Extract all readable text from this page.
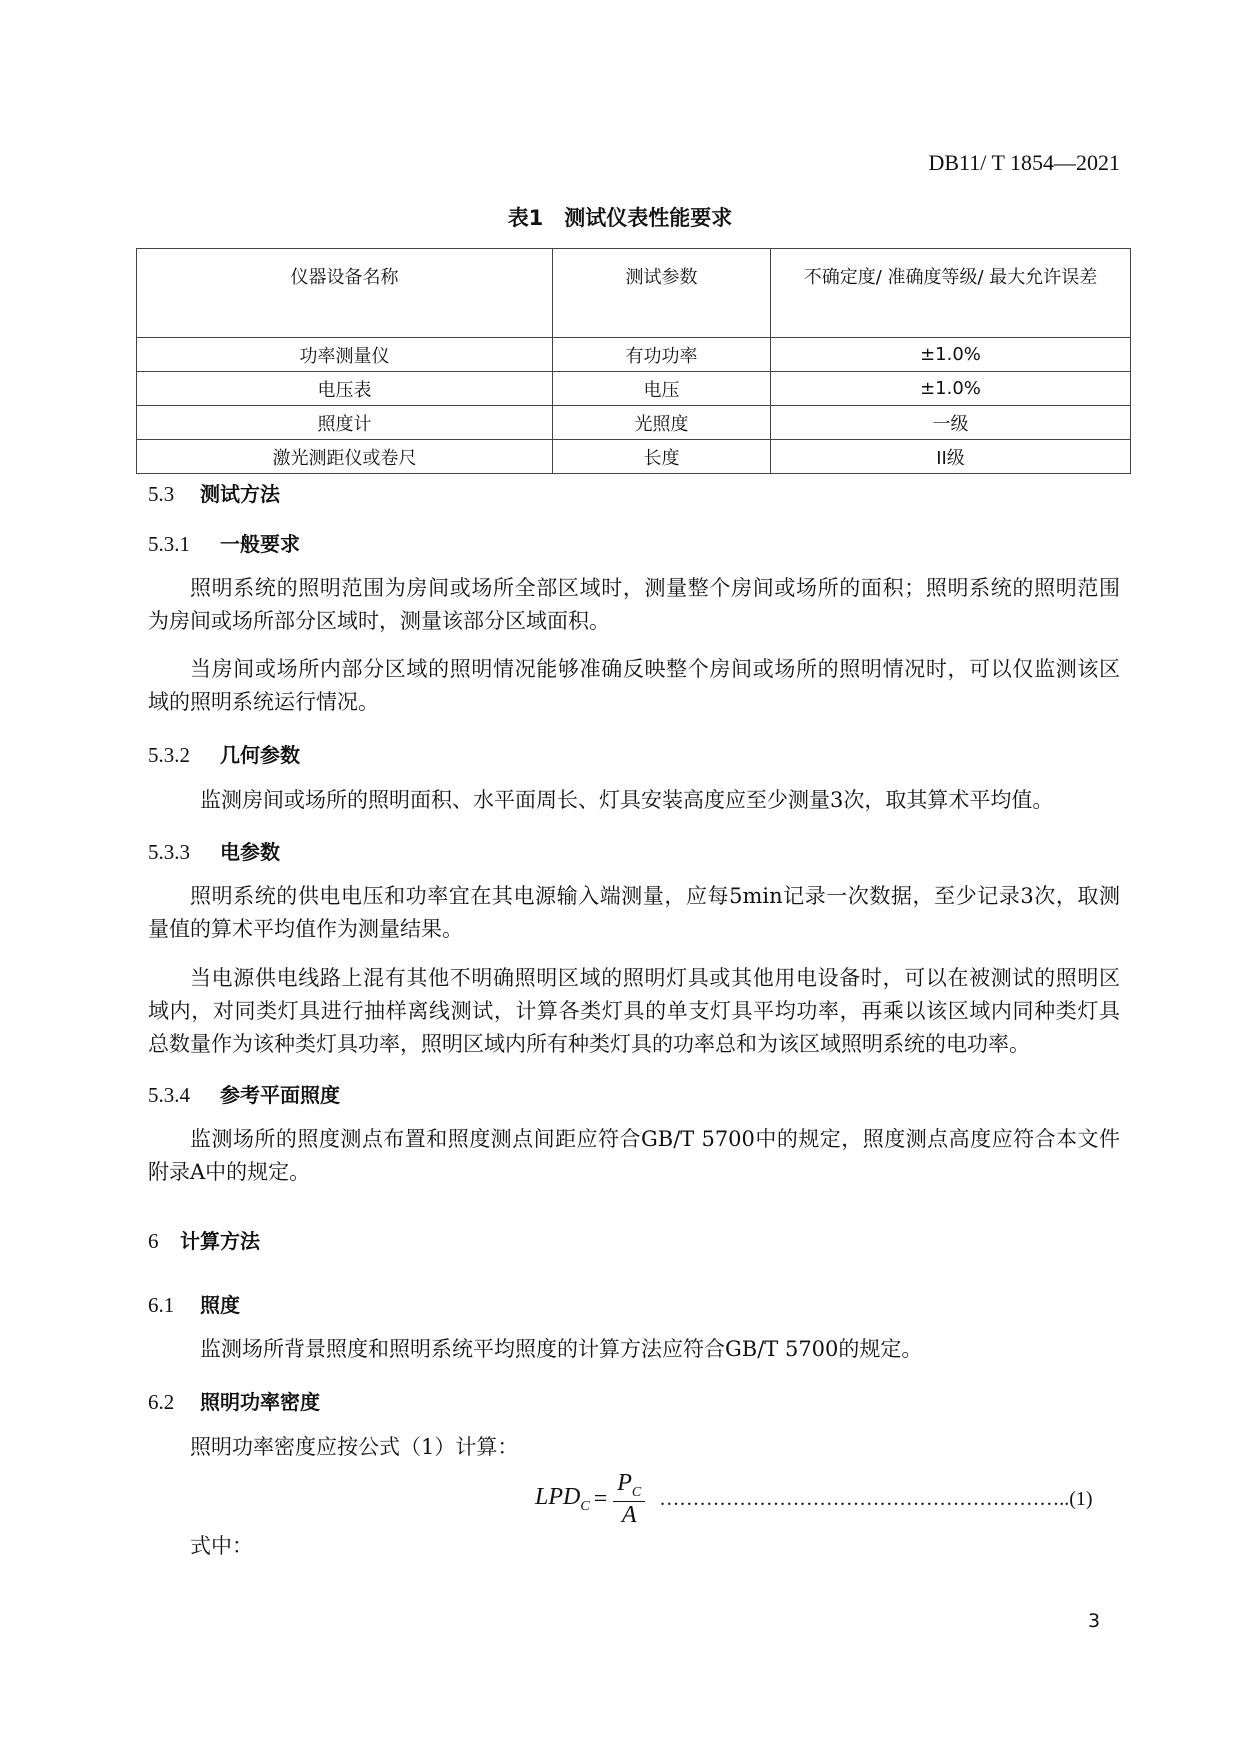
DB11/ T 1854—2021
表1　测试仪表性能要求
仪器设备名称	测试参数	不确定度/ 准确度等级/ 最大允许误差
功率测量仪	有功功率	±1.0%
电压表	电压	±1.0%
照度计	光照度	一级
激光测距仪或卷尺	长度	II级
5.3 测试方法
5.3.1 一般要求
照明系统的照明范围为房间或场所全部区域时，测量整个房间或场所的面积；照明系统的照明范围
为房间或场所部分区域时，测量该部分区域面积。
当房间或场所内部分区域的照明情况能够准确反映整个房间或场所的照明情况时，可以仅监测该区
域的照明系统运行情况。
5.3.2 几何参数
监测房间或场所的照明面积、水平面周长、灯具安装高度应至少测量3次，取其算术平均值。
5.3.3 电参数
照明系统的供电电压和功率宜在其电源输入端测量，应每5min记录一次数据，至少记录3次，取测
量值的算术平均值作为测量结果。
当电源供电线路上混有其他不明确照明区域的照明灯具或其他用电设备时，可以在被测试的照明区
域内，对同类灯具进行抽样离线测试，计算各类灯具的单支灯具平均功率，再乘以该区域内同种类灯具
总数量作为该种类灯具功率，照明区域内所有种类灯具的功率总和为该区域照明系统的电功率。
5.3.4 参考平面照度
监测场所的照度测点布置和照度测点间距应符合GB/T 5700中的规定，照度测点高度应符合本文件
附录A中的规定。
6 计算方法
6.1 照度
监测场所背景照度和照明系统平均照度的计算方法应符合GB/T 5700的规定。
6.2 照明功率密度
照明功率密度应按公式（1）计算：
$LPD_C = \frac{P_C}{A}$ …………………………………………………….. (1)
式中：
3
